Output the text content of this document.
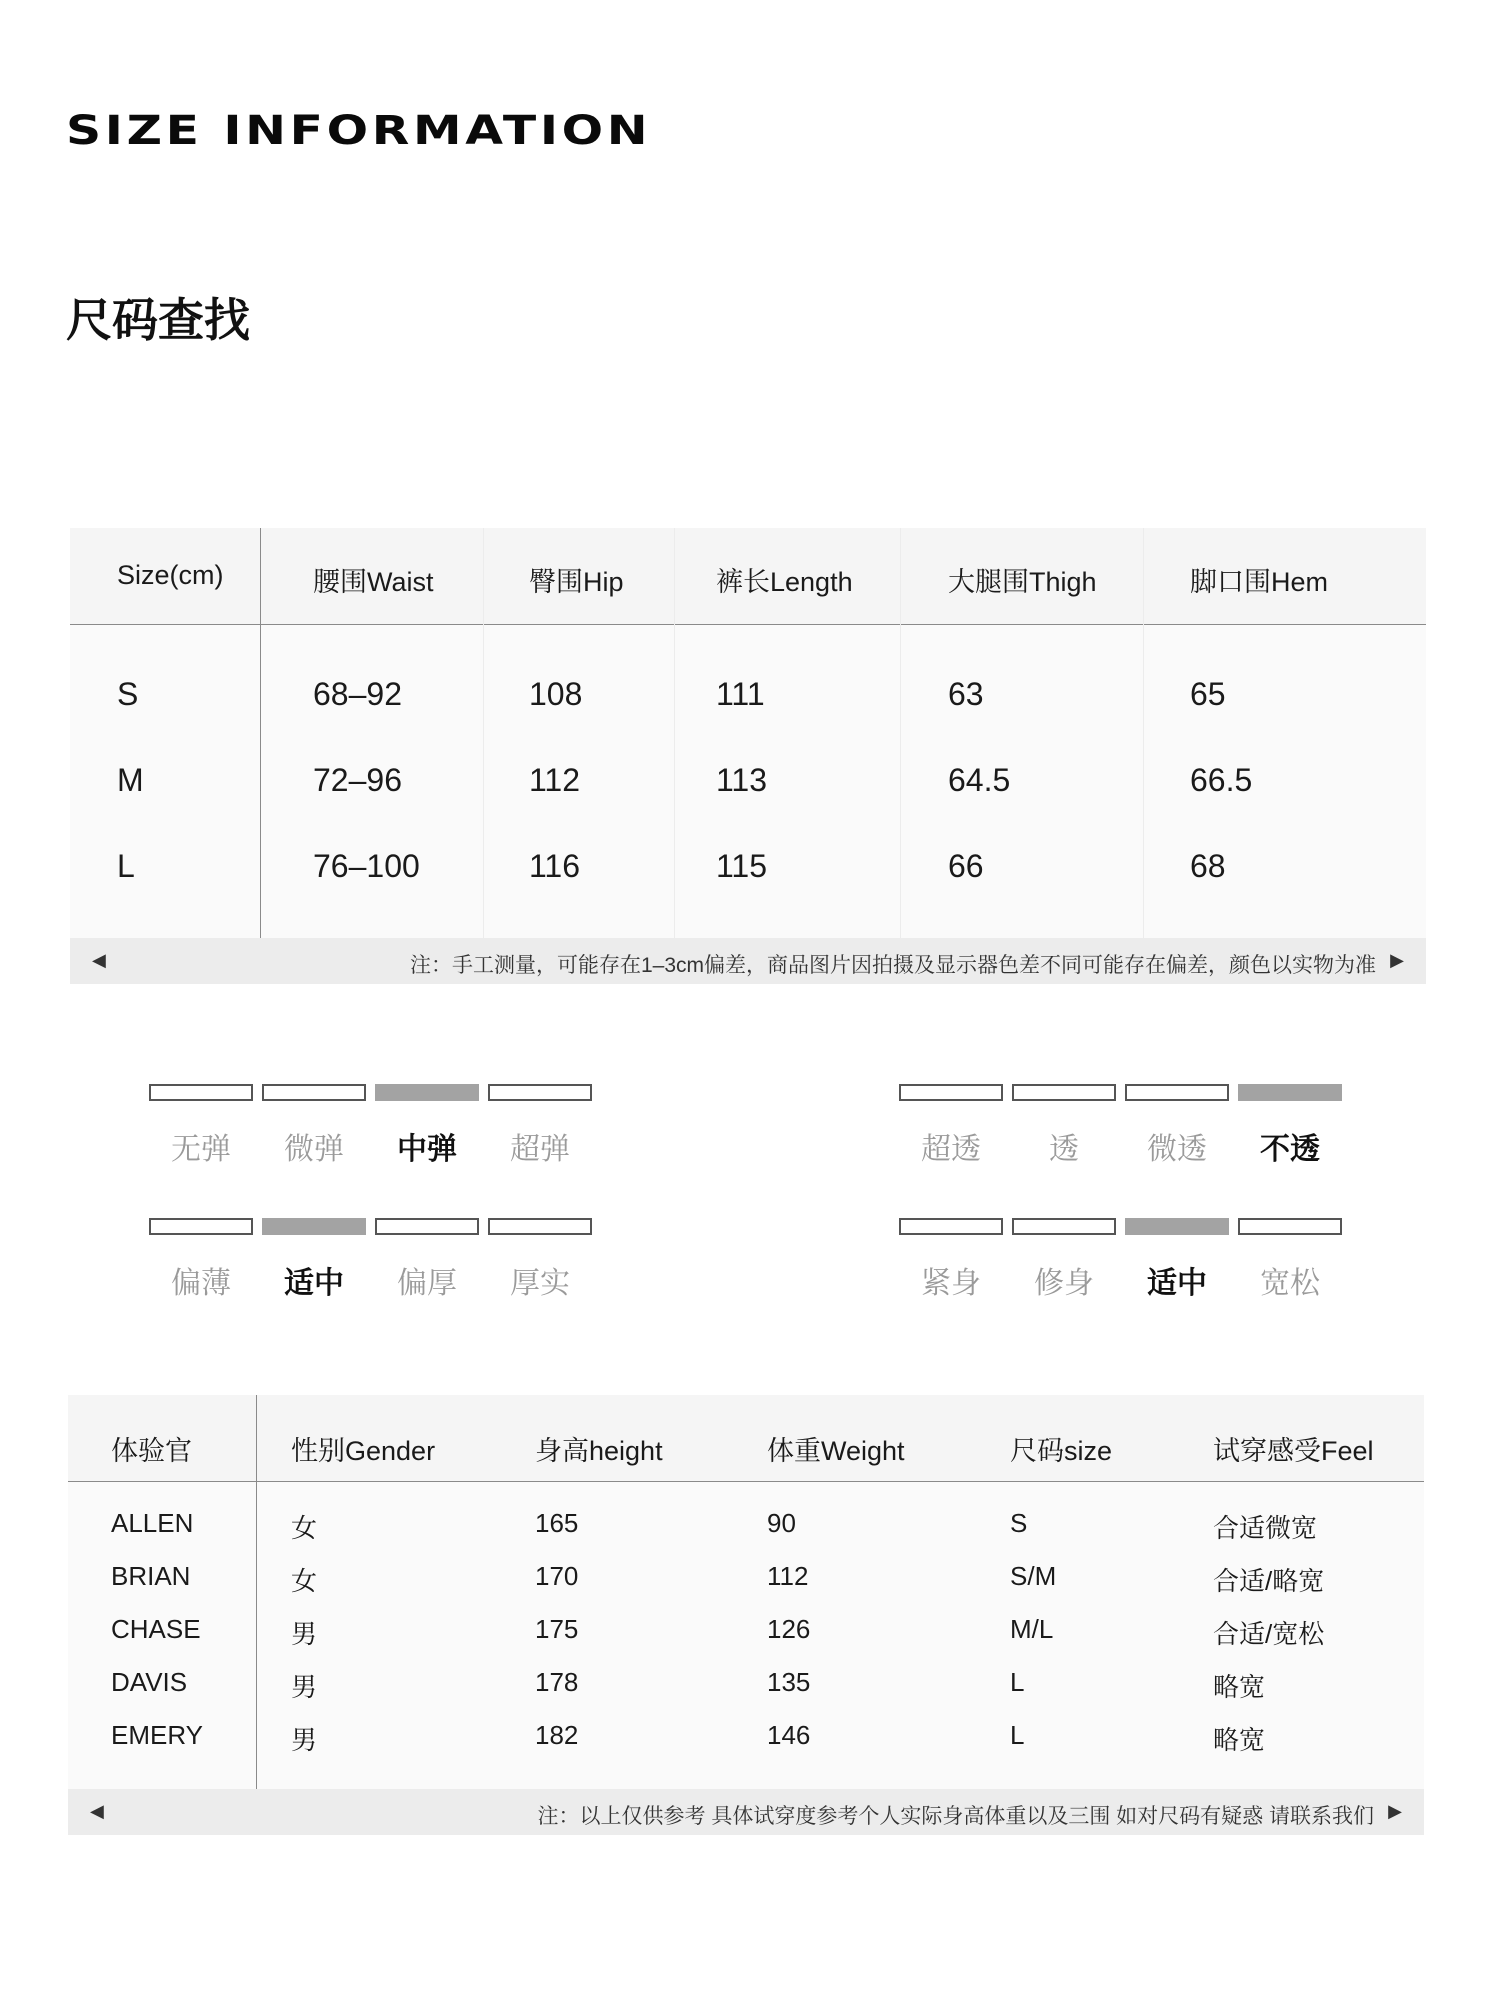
SIZE INFORMATION
尺码查找
Size(cm)	腰围Waist	臀围Hip	裤长Length	大腿围Thigh	脚口围Hem
S	68–92	108	111	63	65
M	72–96	112	113	64.5	66.5
L	76–100	116	115	66	68
◀	注：手工测量，可能存在1–3cm偏差，商品图片因拍摄及显示器色差不同可能存在偏差，颜色以实物为准 ▶
无弹	微弹	中弹	超弹	超透	透	微透	不透
偏薄	适中	偏厚	厚实	紧身	修身	适中	宽松
体验官	性别Gender	身高height	体重Weight	尺码size	试穿感受Feel
ALLEN	女	165	90	S	合适微宽
BRIAN	女	170	112	S/M	合适/略宽
CHASE	男	175	126	M/L	合适/宽松
DAVIS	男	178	135	L	略宽
EMERY	男	182	146	L	略宽
◀	注：以上仅供参考 具体试穿度参考个人实际身高体重以及三围 如对尺码有疑惑 请联系我们 ▶
